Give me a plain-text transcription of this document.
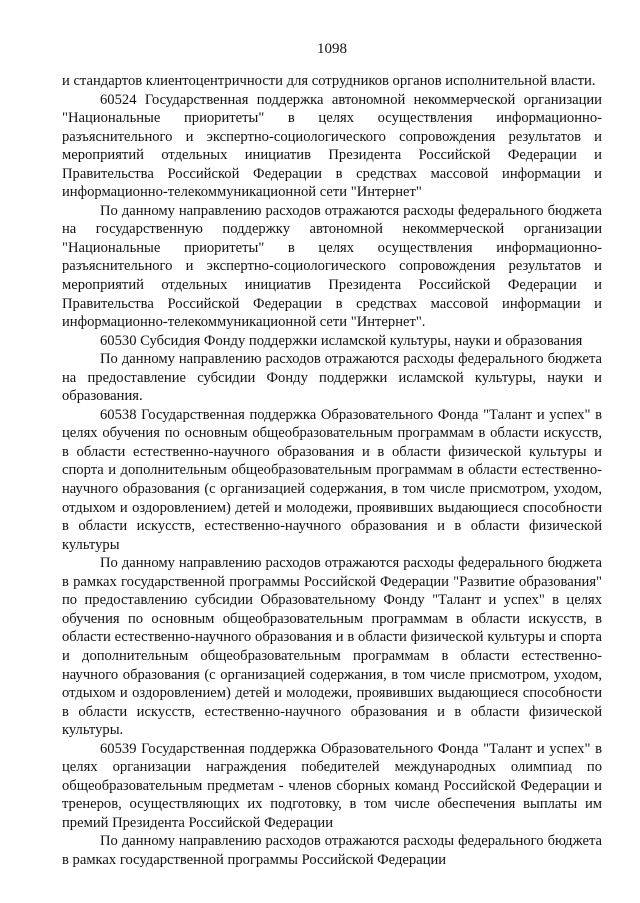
1098

и стандартов клиентоцентричности для сотрудников органов исполнительной власти.

60524 Государственная поддержка автономной некоммерческой организации "Национальные приоритеты" в целях осуществления информационно-разъяснительного и экспертно-социологического сопровождения результатов и мероприятий отдельных инициатив Президента Российской Федерации и Правительства Российской Федерации в средствах массовой информации и информационно-телекоммуникационной сети "Интернет"

По данному направлению расходов отражаются расходы федерального бюджета на государственную поддержку автономной некоммерческой организации "Национальные приоритеты" в целях осуществления информационно-разъяснительного и экспертно-социологического сопровождения результатов и мероприятий отдельных инициатив Президента Российской Федерации и Правительства Российской Федерации в средствах массовой информации и информационно-телекоммуникационной сети "Интернет".

60530 Субсидия Фонду поддержки исламской культуры, науки и образования

По данному направлению расходов отражаются расходы федерального бюджета на предоставление субсидии Фонду поддержки исламской культуры, науки и образования.

60538 Государственная поддержка Образовательного Фонда "Талант и успех" в целях обучения по основным общеобразовательным программам в области искусств, в области естественно-научного образования и в области физической культуры и спорта и дополнительным общеобразовательным программам в области естественно-научного образования (с организацией содержания, в том числе присмотром, уходом, отдыхом и оздоровлением) детей и молодежи, проявивших выдающиеся способности в области искусств, естественно-научного образования и в области физической культуры

По данному направлению расходов отражаются расходы федерального бюджета в рамках государственной программы Российской Федерации "Развитие образования" по предоставлению субсидии Образовательному Фонду "Талант и успех" в целях обучения по основным общеобразовательным программам в области искусств, в области естественно-научного образования и в области физической культуры и спорта и дополнительным общеобразовательным программам в области естественно-научного образования (с организацией содержания, в том числе присмотром, уходом, отдыхом и оздоровлением) детей и молодежи, проявивших выдающиеся способности в области искусств, естественно-научного образования и в области физической культуры.

60539 Государственная поддержка Образовательного Фонда "Талант и успех" в целях организации награждения победителей международных олимпиад по общеобразовательным предметам - членов сборных команд Российской Федерации и тренеров, осуществляющих их подготовку, в том числе обеспечения выплаты им премий Президента Российской Федерации

По данному направлению расходов отражаются расходы федерального бюджета в рамках государственной программы Российской Федерации
